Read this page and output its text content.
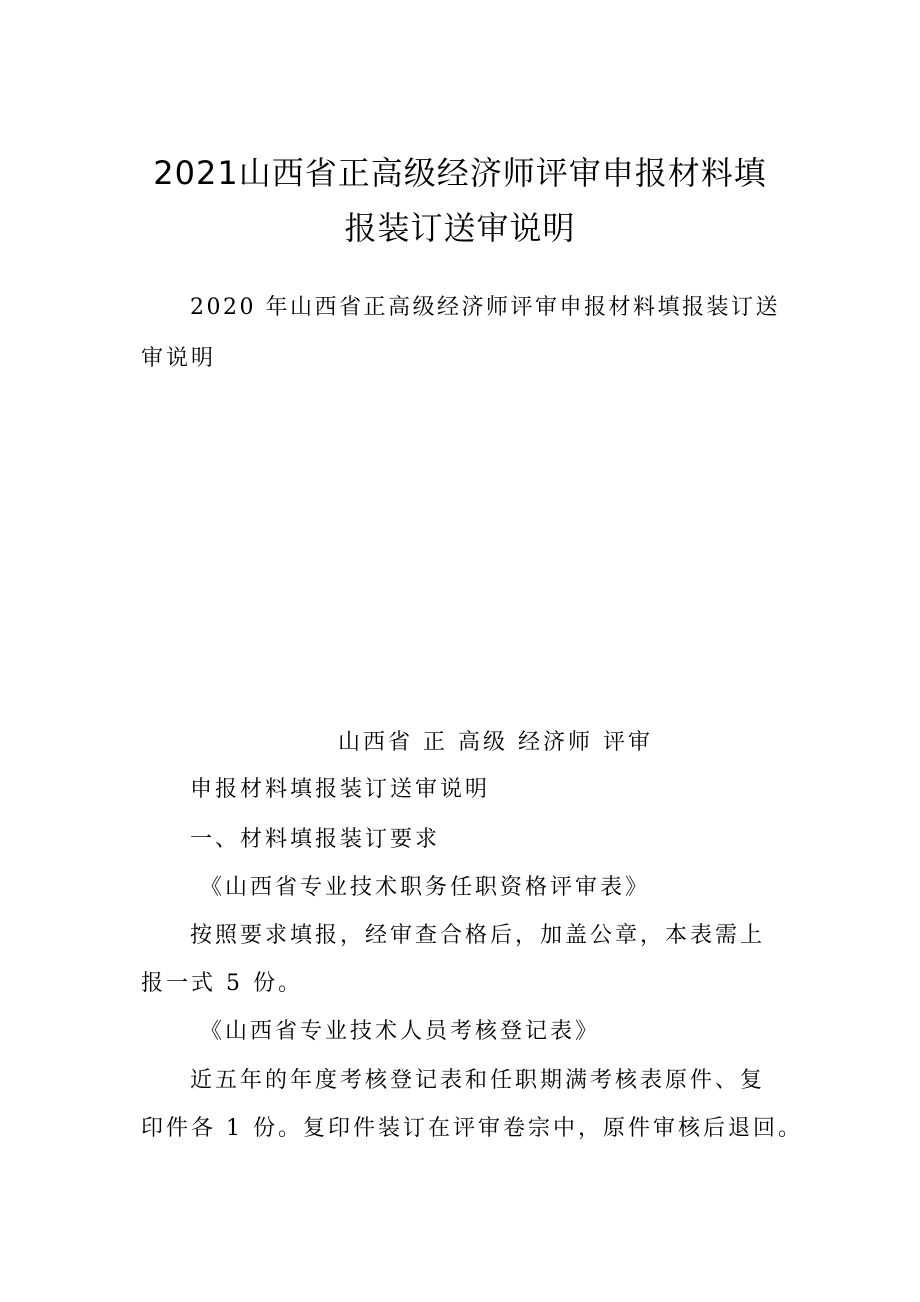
2021山西省正高级经济师评审申报材料填
报装订送审说明
2020 年山西省正高级经济师评审申报材料填报装订送
审说明
山西省 正 高级 经济师 评审
申报材料填报装订送审说明
一、材料填报装订要求
《山西省专业技术职务任职资格评审表》
按照要求填报，经审查合格后，加盖公章，本表需上
报一式 5 份。
《山西省专业技术人员考核登记表》
近五年的年度考核登记表和任职期满考核表原件、复
印件各 1 份。复印件装订在评审卷宗中，原件审核后退回。
